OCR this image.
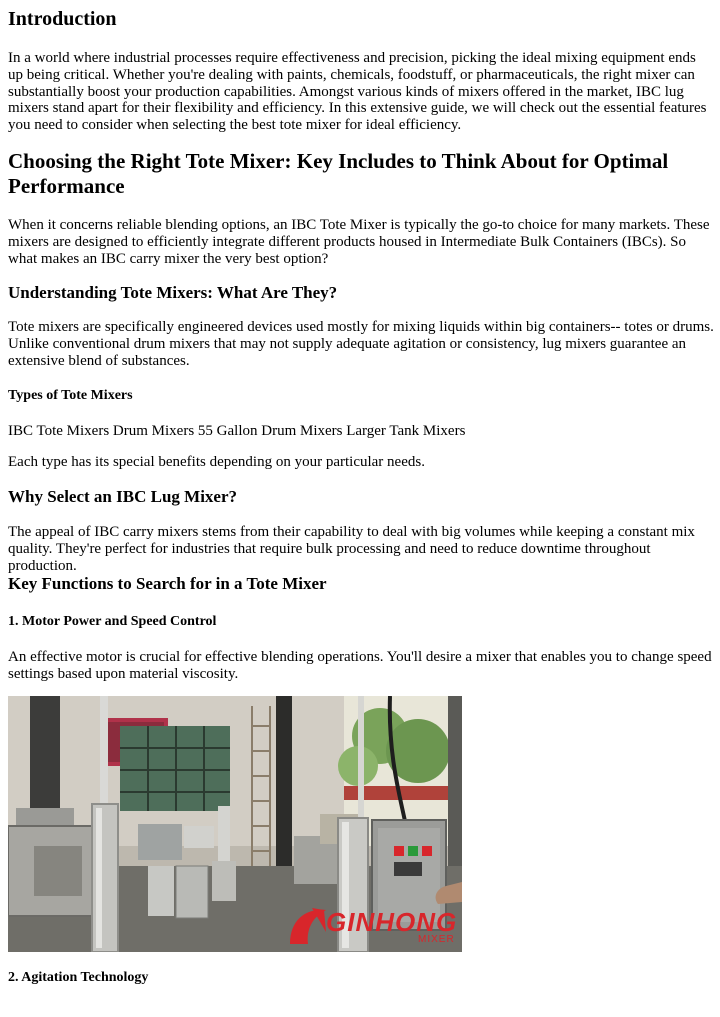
Introduction

In a world where industrial processes require effectiveness and precision, picking the ideal mixing equipment ends up being critical. Whether you're dealing with paints, chemicals, foodstuff, or pharmaceuticals, the right mixer can substantially boost your production capabilities. Amongst various kinds of mixers offered in the market, IBC lug mixers stand apart for their flexibility and efficiency. In this extensive guide, we will check out the essential features you need to consider when selecting the best tote mixer for ideal efficiency.

Choosing the Right Tote Mixer: Key Includes to Think About for Optimal Performance

When it concerns reliable blending options, an IBC Tote Mixer is typically the go-to choice for many markets. These mixers are designed to efficiently integrate different products housed in Intermediate Bulk Containers (IBCs). So what makes an IBC carry mixer the very best option?

Understanding Tote Mixers: What Are They?

Tote mixers are specifically engineered devices used mostly for mixing liquids within big containers-- totes or drums. Unlike conventional drum mixers that may not supply adequate agitation or consistency, lug mixers guarantee an extensive blend of substances.

Types of Tote Mixers

IBC Tote Mixers Drum Mixers 55 Gallon Drum Mixers Larger Tank Mixers

Each type has its special benefits depending on your particular needs.

Why Select an IBC Lug Mixer?

The appeal of IBC carry mixers stems from their capability to deal with big volumes while keeping a constant mix quality. They're perfect for industries that require bulk processing and need to reduce downtime throughout production.

Key Functions to Search for in a Tote Mixer
1. Motor Power and Speed Control

An effective motor is crucial for effective blending operations. You'll desire a mixer that enables you to change speed settings based upon material viscosity.

GINHONG
MIXER
2. Agitation Technology
